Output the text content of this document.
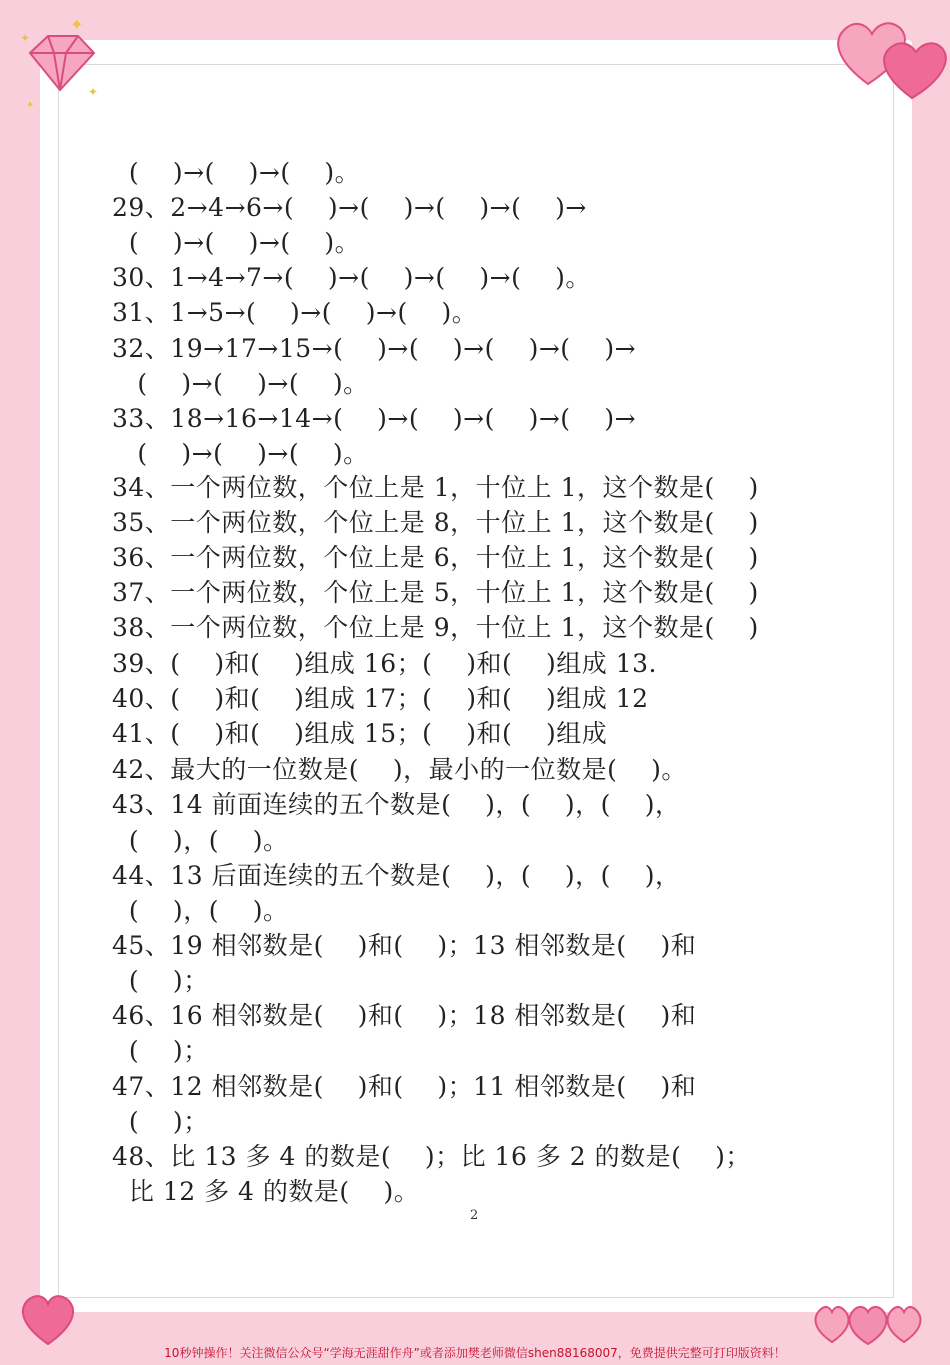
✦
✦
✦
✦
(    )→(    )→(    )。
29、2→4→6→(    )→(    )→(    )→(    )→
(    )→(    )→(    )。
30、1→4→7→(    )→(    )→(    )→(    )。
31、1→5→(    )→(    )→(    )。
32、19→17→15→(    )→(    )→(    )→(    )→
(    )→(    )→(    )。
33、18→16→14→(    )→(    )→(    )→(    )→
(    )→(    )→(    )。
34、一个两位数，个位上是 1，十位上 1，这个数是(    )
35、一个两位数，个位上是 8，十位上 1，这个数是(    )
36、一个两位数，个位上是 6，十位上 1，这个数是(    )
37、一个两位数，个位上是 5，十位上 1，这个数是(    )
38、一个两位数，个位上是 9，十位上 1，这个数是(    )
39、(    )和(    )组成 16；(    )和(    )组成 13.
40、(    )和(    )组成 17；(    )和(    )组成 12
41、(    )和(    )组成 15；(    )和(    )组成
42、最大的一位数是(    )，最小的一位数是(    )。
43、14 前面连续的五个数是(    )，(    )，(    )，
(    )，(    )。
44、13 后面连续的五个数是(    )，(    )，(    )，
(    )，(    )。
45、19 相邻数是(    )和(    )；13 相邻数是(    )和
(    )；
46、16 相邻数是(    )和(    )；18 相邻数是(    )和
(    )；
47、12 相邻数是(    )和(    )；11 相邻数是(    )和
(    )；
48、比 13 多 4 的数是(    )；比 16 多 2 的数是(    )；
比 12 多 4 的数是(    )。
2
10秒钟操作！关注微信公众号“学海无涯甜作舟”或者添加樊老师微信shen88168007，免费提供完整可打印版资料！
